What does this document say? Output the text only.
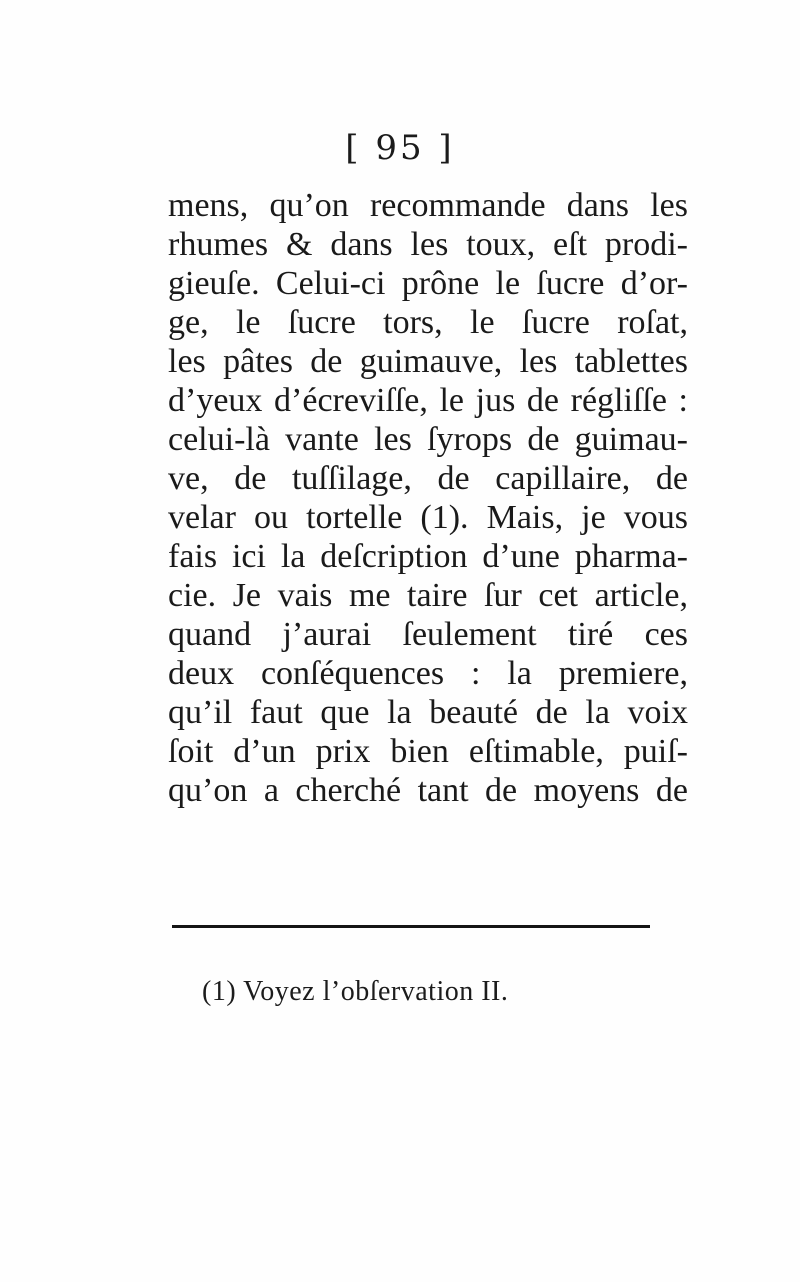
[ 95 ]
mens, qu’on recommande dans les
rhumes & dans les toux, eſt prodi-
gieuſe. Celui-ci prône le ſucre d’or-
ge, le ſucre tors, le ſucre roſat,
les pâtes de guimauve, les tablettes
d’yeux d’écreviſſe, le jus de régliſſe :
celui-là vante les ſyrops de guimau-
ve, de tuſſilage, de capillaire, de
velar ou tortelle (1). Mais, je vous
fais ici la deſcription d’une pharma-
cie. Je vais me taire ſur cet article,
quand j’aurai ſeulement tiré ces
deux conſéquences : la premiere,
qu’il faut que la beauté de la voix
ſoit d’un prix bien eſtimable, puiſ-
qu’on a cherché tant de moyens de
(1) Voyez l’obſervation II.
